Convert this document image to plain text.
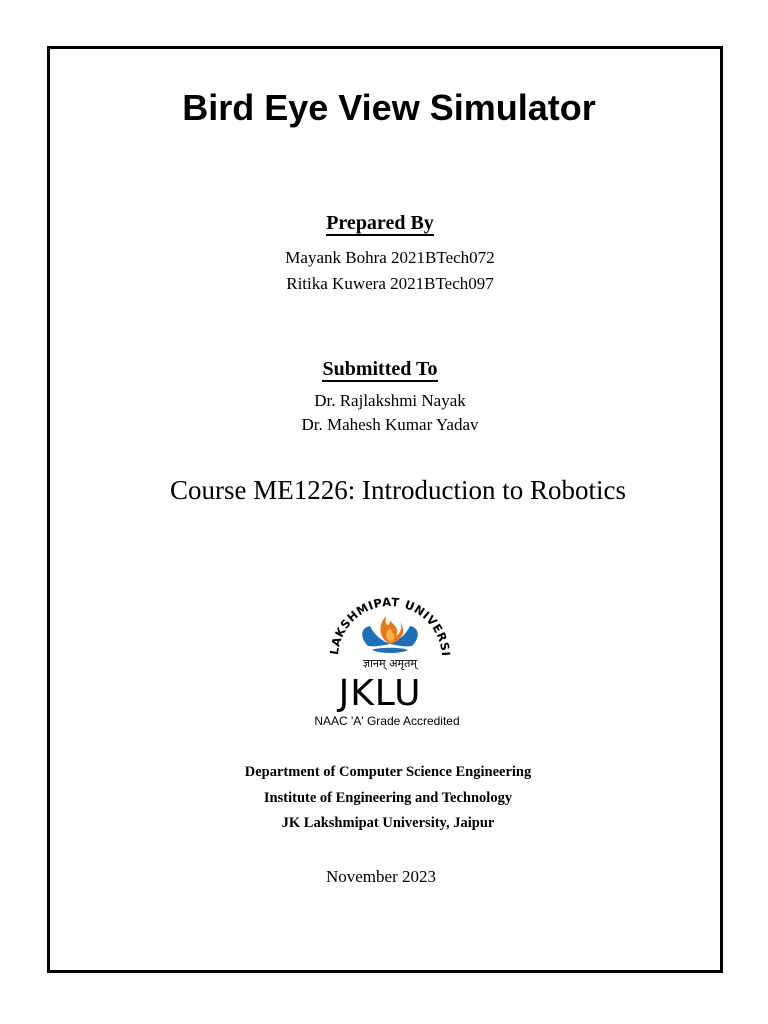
Bird Eye View Simulator
Prepared By
Mayank Bohra 2021BTech072
Ritika Kuwera 2021BTech097
Submitted To
Dr. Rajlakshmi Nayak
Dr. Mahesh Kumar Yadav
Course ME1226: Introduction to Robotics
LAKSHMIPAT UNIVERSI
ज्ञानम् अमृतम्
JKLU
NAAC 'A' Grade Accredited
Department of Computer Science Engineering
Institute of Engineering and Technology
JK Lakshmipat University, Jaipur
November 2023
